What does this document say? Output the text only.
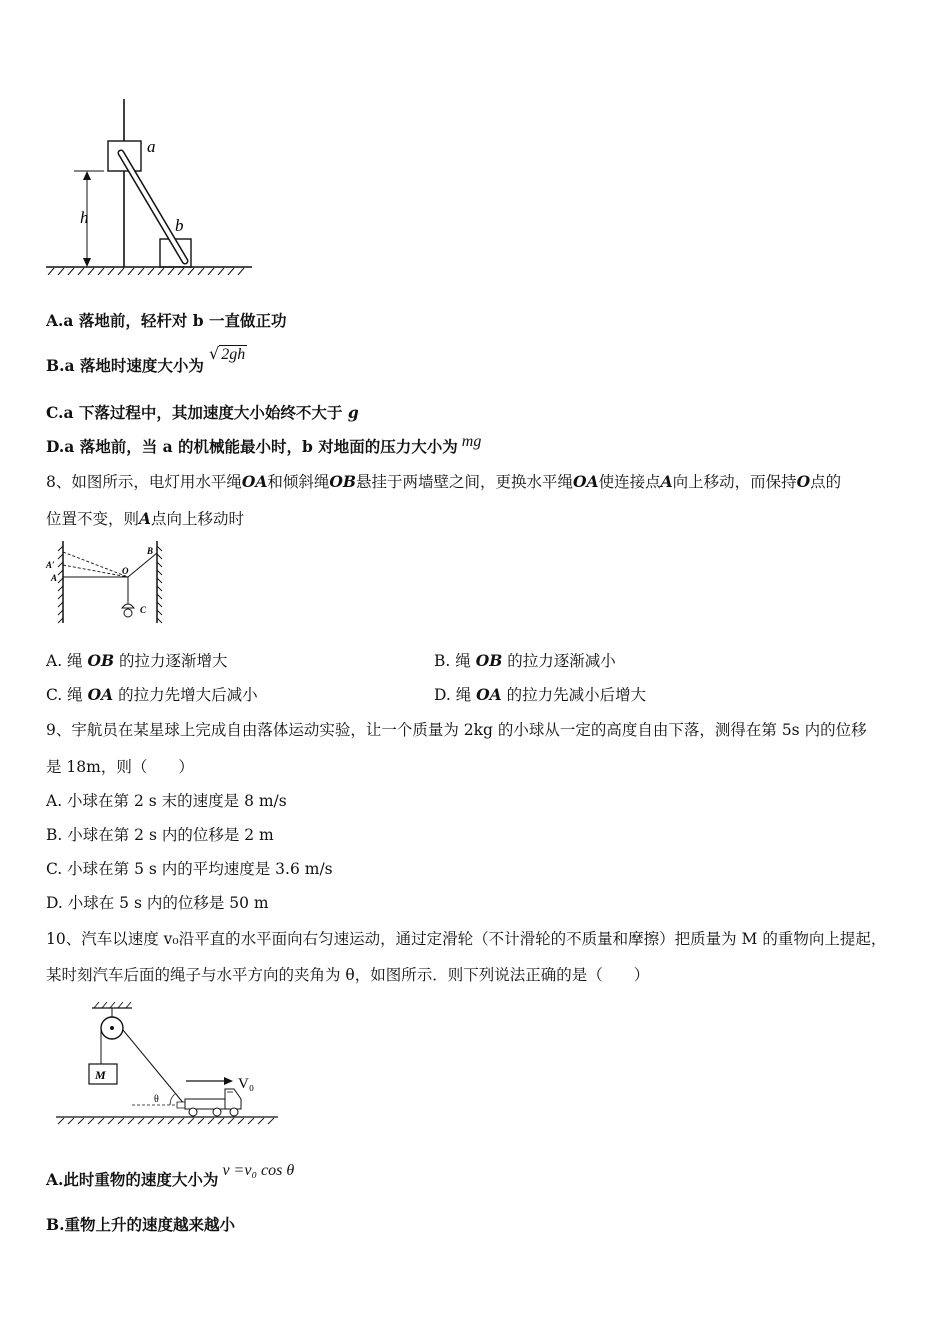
h
a
b
A.a 落地前，轻杆对 b 一直做正功
B.a 落地时速度大小为
√ 2gh
C.a 下落过程中，其加速度大小始终不大于 g
D.a 落地前，当 a 的机械能最小时，b 对地面的压力大小为 mg
8、如图所示，电灯用水平绳OA和倾斜绳OB悬挂于两墙壁之间，更换水平绳OA使连接点A向上移动，而保持O点的
位置不变，则A点向上移动时
A′
A
O
B
C
A. 绳 OB 的拉力逐渐增大	B. 绳 OB 的拉力逐渐减小
C. 绳 OA 的拉力先增大后减小	D. 绳 OA 的拉力先减小后增大
9、宇航员在某星球上完成自由落体运动实验，让一个质量为 2kg 的小球从一定的高度自由下落，测得在第 5s 内的位移
是 18m，则（　　）
A. 小球在第 2 s 末的速度是 8 m/s
B. 小球在第 2 s 内的位移是 2 m
C. 小球在第 5 s 内的平均速度是 3.6 m/s
D. 小球在 5 s 内的位移是 50 m
10、汽车以速度 v₀沿平直的水平面向右匀速运动，通过定滑轮（不计滑轮的不质量和摩擦）把质量为 M 的重物向上提起，
某时刻汽车后面的绳子与水平方向的夹角为 θ，如图所示．则下列说法正确的是（　　）
M
θ
V₀
A.此时重物的速度大小为 v =v₀ cos θ
B.重物上升的速度越来越小
